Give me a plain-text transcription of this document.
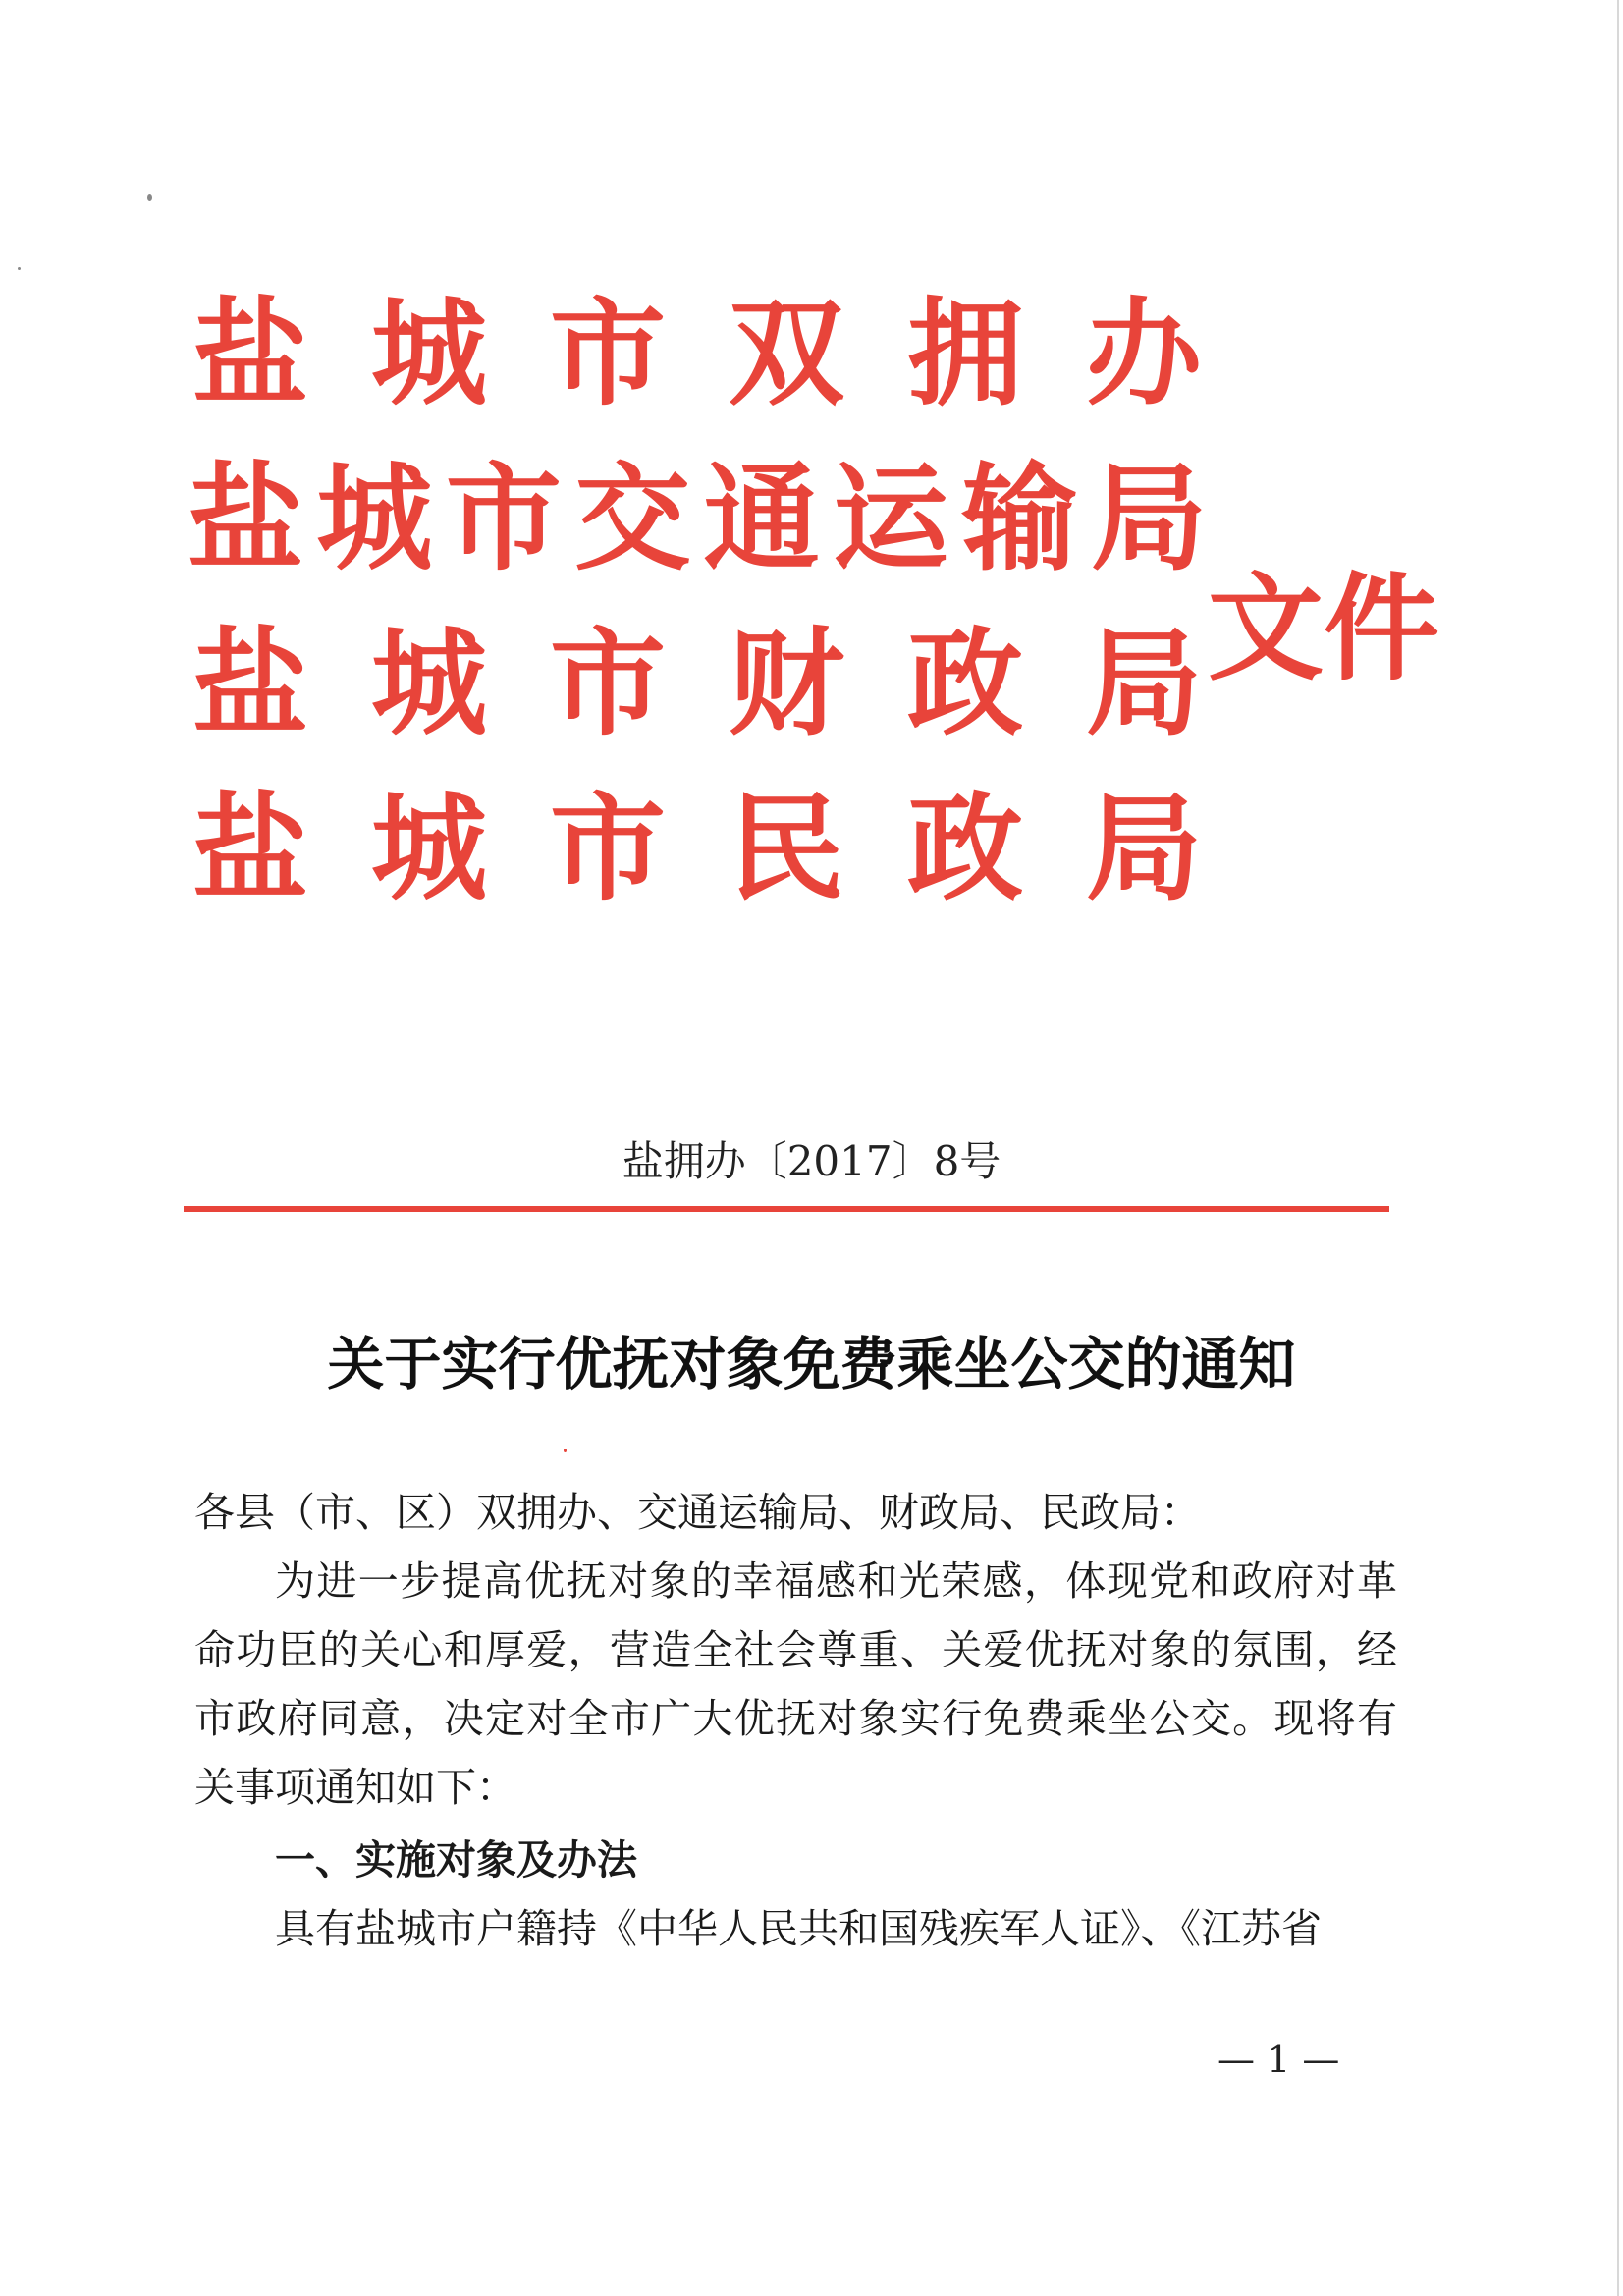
盐 城 市 双 拥 办
盐 城 市 交 通 运 输 局
盐 城 市 财 政 局
盐 城 市 民 政 局
文件
盐拥办〔2017〕8号
关于实行优抚对象免费乘坐公交的通知

各县（市、区）双拥办、交通运输局、财政局、民政局：

为进一步提高优抚对象的幸福感和光荣感，体现党和政府对革命功臣的关心和厚爱，营造全社会尊重、关爱优抚对象的氛围，经市政府同意，决定对全市广大优抚对象实行免费乘坐公交。现将有关事项通知如下：

一、实施对象及办法

具有盐城市户籍持《中华人民共和国残疾军人证》、《江苏省

— 1 —
